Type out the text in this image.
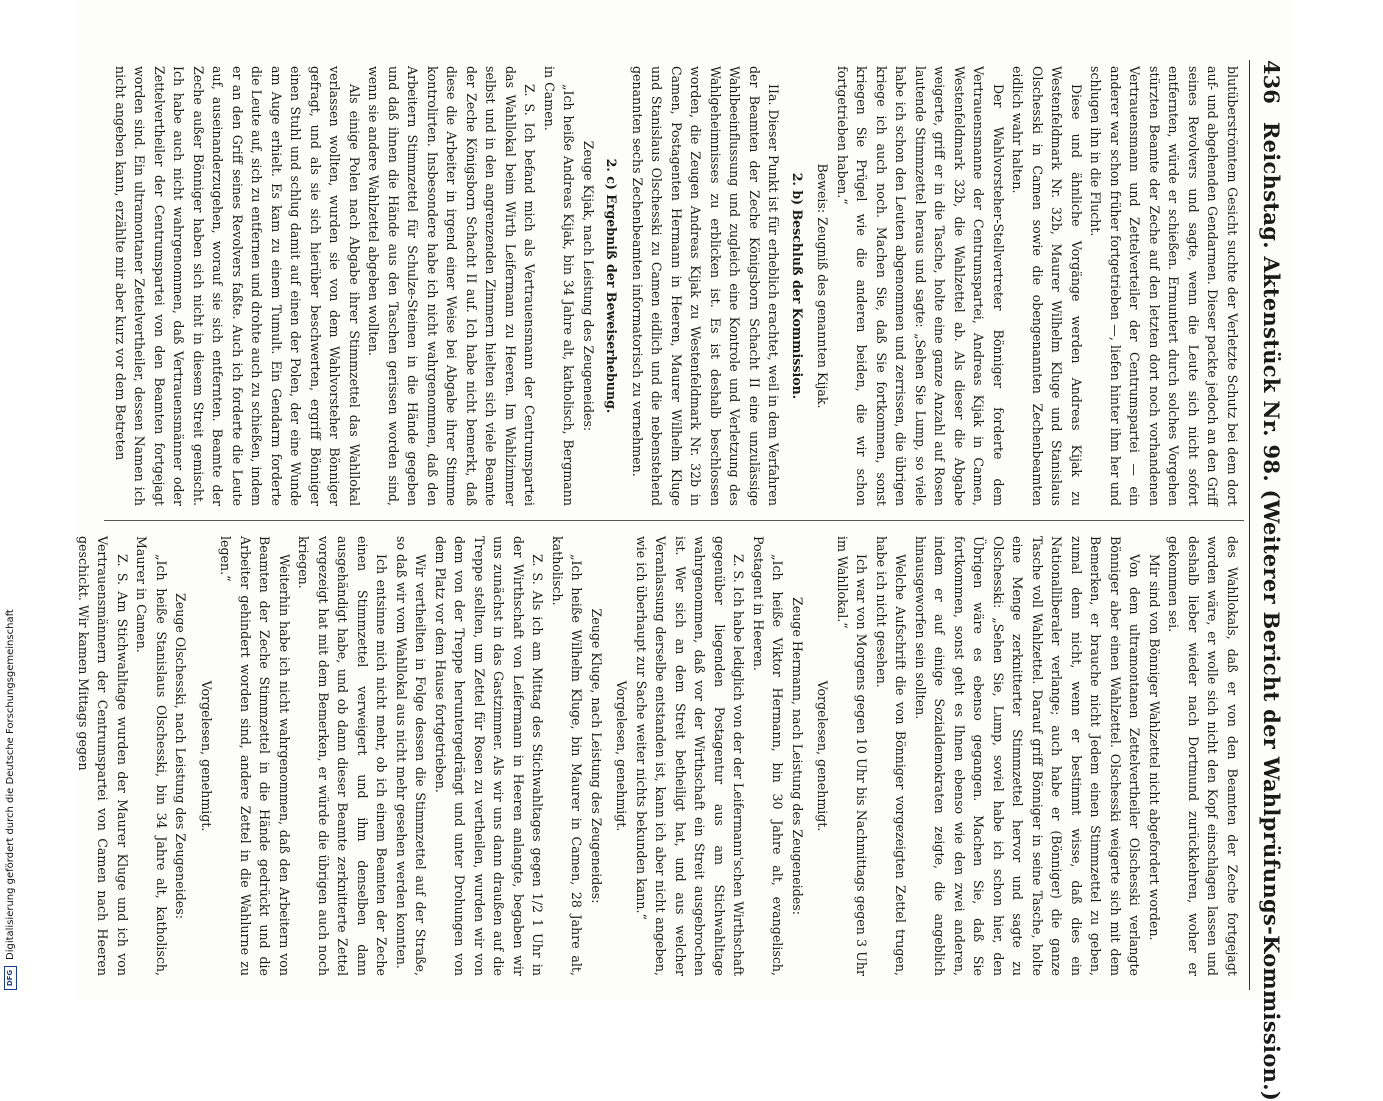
DFG
Digitalisierung gefördert durch die Deutsche Forschungsgemeinschaft
436
Reichstag. Aktenstück Nr. 98. (Weiterer Bericht der Wahlprüfungs-Kommission.)

blutüberströmtem Gesicht suchte der Verletzte Schutz bei dem dort auf- und abgehenden Gendarmen. Dieser packte jedoch an den Griff seines Revolvers und sagte, wenn die Leute sich nicht sofort entfernten, würde er schießen. Ermuntert durch solches Vorgehen stürzten Beamte der Zeche auf den letzten dort noch vorhandenen Vertrauensmann und Zettelverteiler der Centrumspartei — ein anderer war schon früher fortgetrieben —, liefen hinter ihm her und schlugen ihn in die Flucht.

Diese und ähnliche Vorgänge werden Andreas Kijak zu Westenfeldmark Nr. 32b, Maurer Wilhelm Kluge und Stanislaus Olschesski in Camen sowie die obengenannten Zechenbeamten eidlich wahr halten.

Der Wahlvorsteher-Stellvertreter Bönniger forderte dem Vertrauensmanne der Centrumspartei, Andreas Kijak in Camen, Westenfeldmark 32b, die Wahlzettel ab. Als dieser die Abgabe weigerte, griff er in die Tasche, holte eine ganze Anzahl auf Rosen lautende Stimmzettel heraus und sagte: „Sehen Sie Lump, so viele habe ich schon den Leuten abgenommen und zerrissen, die übrigen kriege ich auch noch. Machen Sie, daß Sie fortkommen, sonst kriegen Sie Prügel wie die anderen beiden, die wir schon fortgetrieben haben.“

Beweis: Zeugniß des genannten Kijak.

2. b) Beschluß der Kommission.

IIa. Dieser Punkt ist für erheblich erachtet, weil in dem Verfahren der Beamten der Zeche Königsborn Schacht II eine unzulässige Wahlbeeinflussung und zugleich eine Kontrole und Verletzung des Wahlgeheimnisses zu erblicken ist. Es ist deshalb beschlossen worden, die Zeugen Andreas Kijak zu Westenfeldmark Nr. 32b in Camen, Postagenten Hermann in Heeren, Maurer Wilhelm Kluge und Stanislaus Olschesski zu Camen eidlich und die nebenstehend genannten sechs Zechenbeamten informatorisch zu vernehmen.

2. c) Ergebniß der Beweiserhebung.

Zeuge Kijak, nach Leistung des Zeugeneides:

„Ich heiße Andreas Kijak, bin 34 Jahre alt, katholisch, Bergmann in Camen.

Z. S. Ich befand mich als Vertrauensmann der Centrumspartei das Wahllokal beim Wirth Leifermann zu Heeren. Im Wahlzimmer selbst und in den angrenzenden Zimmern hielten sich viele Beamte der Zeche Königsborn Schacht II auf. Ich habe nicht bemerkt, daß diese die Arbeiter in irgend einer Weise bei Abgabe ihrer Stimme kontrolirten. Insbesondere habe ich nicht wahrgenommen, daß den Arbeitern Stimmzettel für Schulze-Steinen in die Hände gegeben und daß ihnen die Hände aus den Taschen gerissen worden sind, wenn sie andere Wahlzettel abgeben wollten.

Als einige Polen nach Abgabe ihrer Stimmzettel das Wahllokal verlassen wollten, wurden sie von dem Wahlvorsteher Bönniger gefragt, und als sie sich hierüber beschwerten, ergriff Bönniger einen Stuhl und schlug damit auf einen der Polen, der eine Wunde am Auge erhielt. Es kam zu einem Tumult. Ein Gendarm forderte die Leute auf, sich zu entfernen und drohte auch zu schießen, indem er an den Griff seines Revolvers faßte. Auch ich forderte die Leute auf, auseinanderzugehen, worauf sie sich entfernten. Beamte der Zeche außer Bönniger haben sich nicht in diesem Streit gemischt. Ich habe auch nicht wahrgenommen, daß Vertrauensmänner oder Zettelvertheiler der Centrumspartei von den Beamten fortgejagt worden sind. Ein ultramontaner Zettelvertheiler, dessen Namen ich nicht angeben kann, erzählte mir aber kurz vor dem Betreten

des Wahllokals, daß er von den Beamten der Zeche fortgejagt worden wäre, er wolle sich nicht den Kopf einschlagen lassen und deshalb lieber wieder nach Dortmund zurückkehren, woher er gekommen sei.

Mir sind von Bönniger Wahlzettel nicht abgefordert worden.

Von dem ultramontanen Zettelvertheiler Olschesski verlangte Bönniger aber einen Wahlzettel. Olschesski weigerte sich mit dem Bemerken, er brauche nicht Jedem einen Stimmzettel zu geben, zumal denn nicht, wenn er bestimmt wisse, daß dies ein Nationalliberaler verlange; auch habe er (Bönniger) die ganze Tasche voll Wahlzettel. Darauf griff Bönniger in seine Tasche, holte eine Menge zerknitterter Stimmzettel hervor und sagte zu Olschesski: „Sehen Sie, Lump, soviel habe ich schon hier, den Übrigen wäre es ebenso gegangen. Machen Sie, daß Sie fortkommen, sonst geht es Ihnen ebenso wie den zwei anderen, indem er auf einige Sozialdemokraten zeigte, die angeblich hinausgeworfen sein sollten.

Welche Aufschrift die von Bönniger vorgezeigten Zettel trugen, habe ich nicht gesehen.

Ich war von Morgens gegen 10 Uhr bis Nachmittags gegen 3 Uhr im Wahllokal.“

Vorgelesen, genehmigt.

Zeuge Hermann, nach Leistung des Zeugeneides:

„Ich heiße Viktor Hermann, bin 30 Jahre alt, evangelisch, Postagent in Heeren.

Z. S. Ich habe lediglich von der der Leifermann'schen Wirthschaft gegenüber liegenden Postagentur aus am Stichwahltage wahrgenommen, daß vor der Wirthschaft ein Streit ausgebrochen ist. Wer sich an dem Streit betheiligt hat, und aus welcher Veranlassung derselbe entstanden ist, kann ich aber nicht angeben, wie ich überhaupt zur Sache weiter nichts bekunden kann.“

Vorgelesen, genehmigt.

Zeuge Kluge, nach Leistung des Zeugeneides:

„Ich heiße Wilhelm Kluge, bin Maurer in Camen, 28 Jahre alt, katholisch.

Z. S. Als ich am Mittag des Stichwahltages gegen 1/2 1 Uhr in der Wirthschaft von Leifermann in Heeren anlangte, begaben wir uns zunächst in das Gastzimmer. Als wir uns dann draußen auf die Treppe stellten, um Zettel für Rosen zu vertheilen, wurden wir von dem von der Treppe heruntergedrängt und unter Drohungen von dem Platz vor dem Hause fortgetrieben.

Wir vertheilten in Folge dessen die Stimmzettel auf der Straße, so daß wir vom Wahllokal aus nicht mehr gesehen werden konnten.

Ich entsinne mich nicht mehr, ob ich einem Beamten der Zeche einen Stimmzettel verweigert und ihm denselben dann ausgehändigt habe, und ob dann dieser Beamte zerknitterte Zettel vorgezeigt hat mit dem Bemerken, er würde die übrigen auch noch kriegen.

Weiterhin habe ich nicht wahrgenommen, daß den Arbeitern von Beamten der Zeche Stimmzettel in die Hände gedrückt und die Arbeiter gehindert worden sind, andere Zettel in die Wahlurne zu legen.“

Vorgelesen, genehmigt.

Zeuge Olschesski, nach Leistung des Zeugeneides:

„Ich heiße Stanislaus Olschesski, bin 34 Jahre alt, katholisch, Maurer in Camen.

Z. S. Am Stichwahltage wurden der Maurer Kluge und ich von Vertrauensmännern der Centrumspartei von Camen nach Heeren geschickt. Wir kamen Mittags gegen
